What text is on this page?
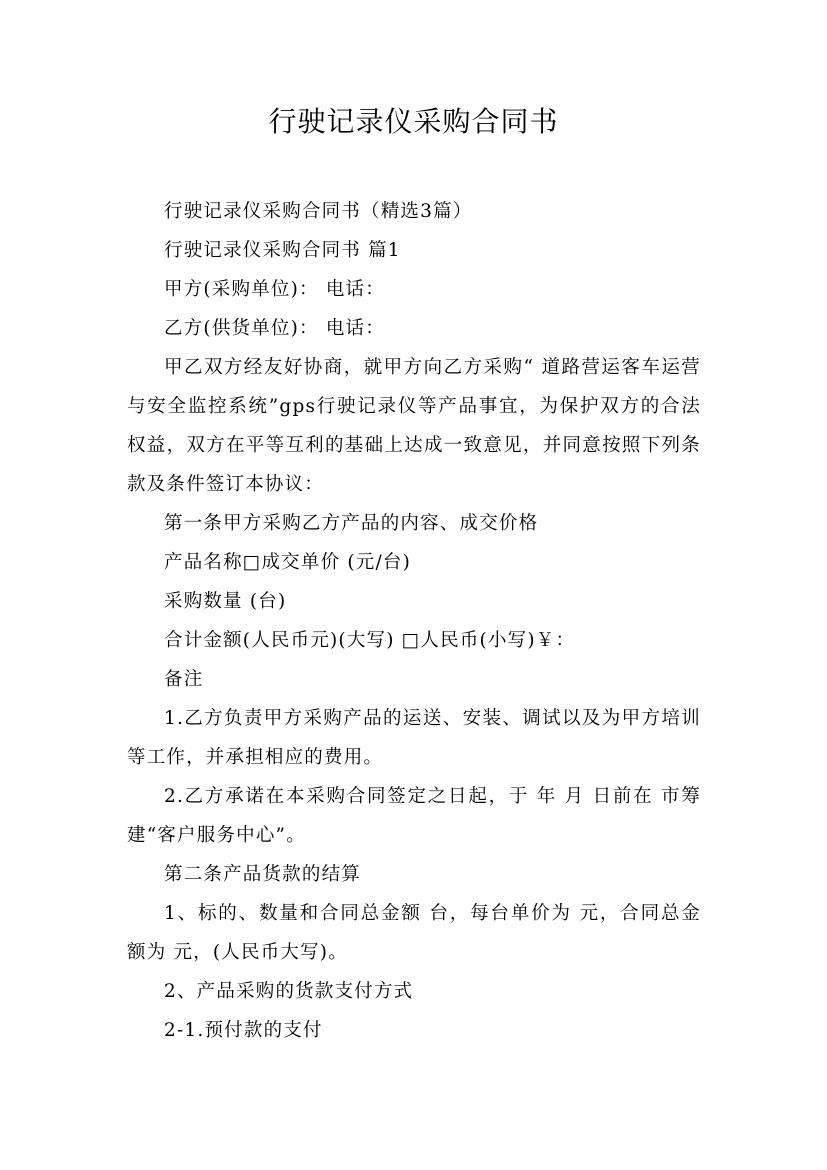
行驶记录仪采购合同书

行驶记录仪采购合同书（精选3篇）

行驶记录仪采购合同书 篇1

甲方(采购单位)： 电话：

乙方(供货单位)： 电话：

甲乙双方经友好协商，就甲方向乙方采购“ 道路营运客车运营与安全监控系统”gps行驶记录仪等产品事宜，为保护双方的合法权益，双方在平等互利的基础上达成一致意见，并同意按照下列条款及条件签订本协议：

第一条甲方采购乙方产品的内容、成交价格

产品名称□成交单价 (元/台)

采购数量 (台)

合计金额(人民币元)(大写) □人民币(小写)￥：

备注

1.乙方负责甲方采购产品的运送、安装、调试以及为甲方培训等工作，并承担相应的费用。

2.乙方承诺在本采购合同签定之日起，于 年 月 日前在 市筹建“客户服务中心”。

第二条产品货款的结算

1、标的、数量和合同总金额 台，每台单价为 元，合同总金额为 元，(人民币大写)。

2、产品采购的货款支付方式

2-1.预付款的支付
